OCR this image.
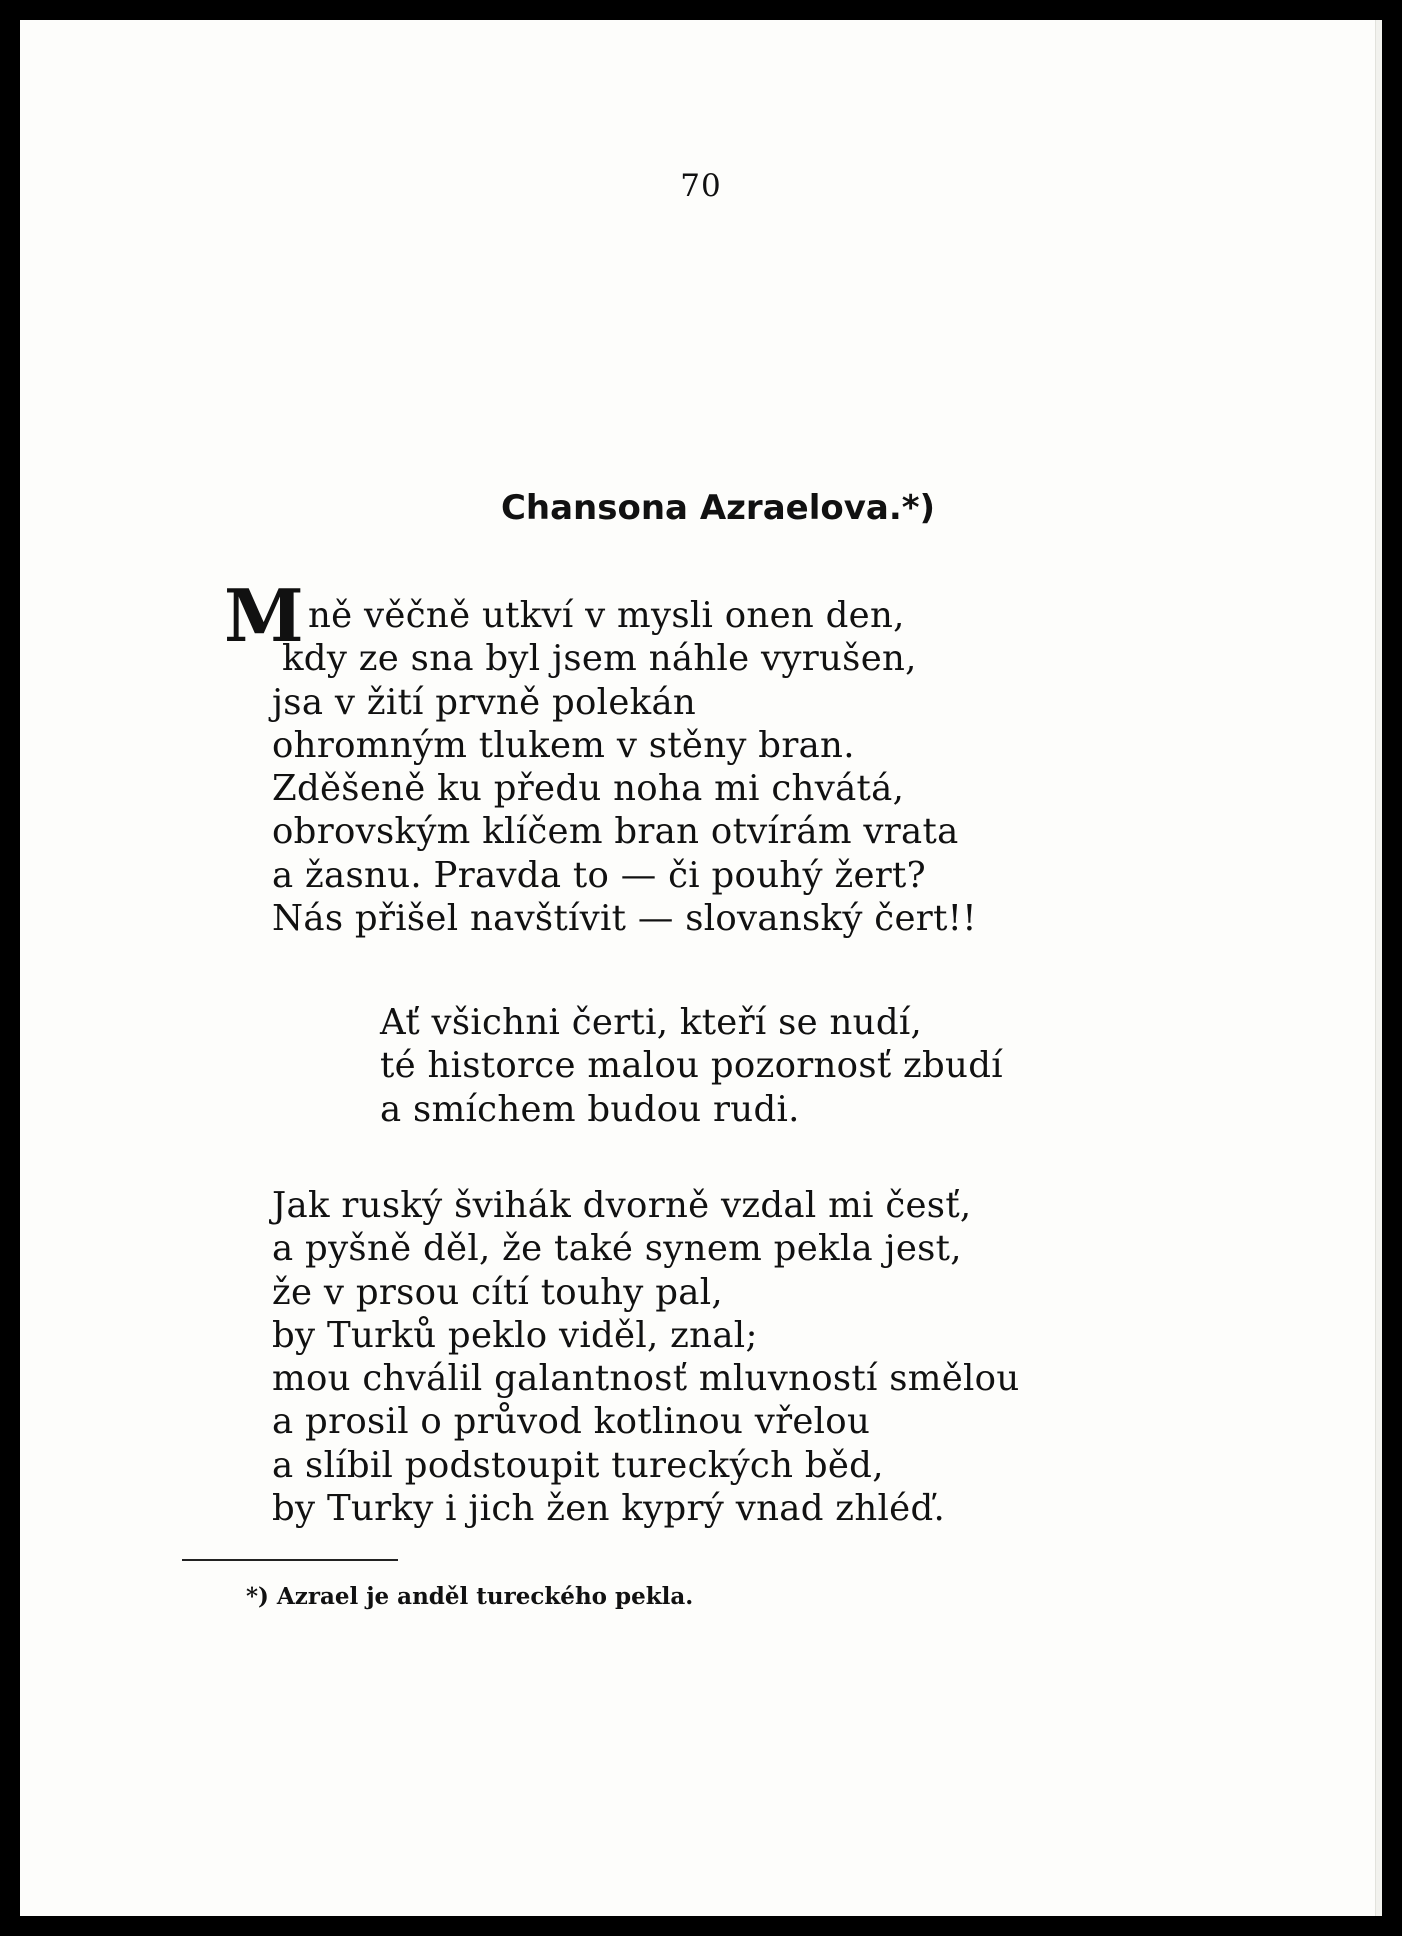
70
Chansona Azraelova.*)
M ně věčně utkví v mysli onen den,
kdy ze sna byl jsem náhle vyrušen,
jsa v žití prvně polekán
ohromným tlukem v stěny bran.
Zděšeně ku předu noha mi chvátá,
obrovským klíčem bran otvírám vrata
a žasnu. Pravda to — či pouhý žert?
Nás přišel navštívit — slovanský čert!!
Ať všichni čerti, kteří se nudí,
té historce malou pozornosť zbudí
a smíchem budou rudi.
Jak ruský švihák dvorně vzdal mi česť,
a pyšně děl, že také synem pekla jest,
že v prsou cítí touhy pal,
by Turků peklo viděl, znal;
mou chválil galantnosť mluvností smělou
a prosil o průvod kotlinou vřelou
a slíbil podstoupit tureckých běd,
by Turky i jich žen kyprý vnad zhléď.
*) Azrael je anděl tureckého pekla.
